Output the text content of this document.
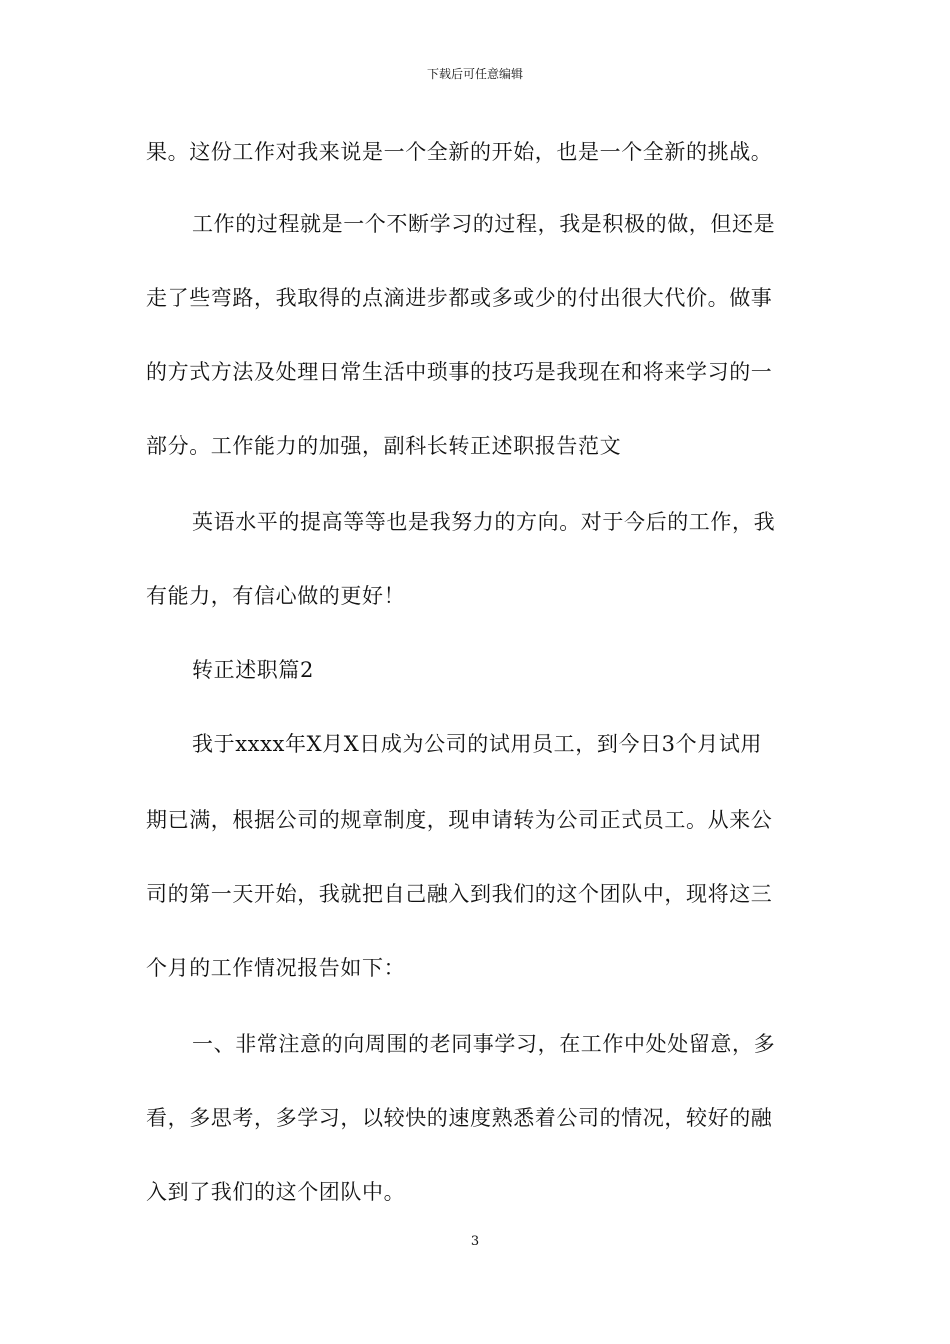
下载后可任意编辑
果。这份工作对我来说是一个全新的开始，也是一个全新的挑战。
工作的过程就是一个不断学习的过程，我是积极的做，但还是
走了些弯路，我取得的点滴进步都或多或少的付出很大代价。做事
的方式方法及处理日常生活中琐事的技巧是我现在和将来学习的一
部分。工作能力的加强，副科长转正述职报告范文
英语水平的提高等等也是我努力的方向。对于今后的工作，我
有能力，有信心做的更好！
转正述职篇2
我于xxxx年X月X日成为公司的试用员工，到今日3个月试用
期已满，根据公司的规章制度，现申请转为公司正式员工。从来公
司的第一天开始，我就把自己融入到我们的这个团队中，现将这三
个月的工作情况报告如下：
一、非常注意的向周围的老同事学习，在工作中处处留意，多
看，多思考，多学习，以较快的速度熟悉着公司的情况，较好的融
入到了我们的这个团队中。
3
